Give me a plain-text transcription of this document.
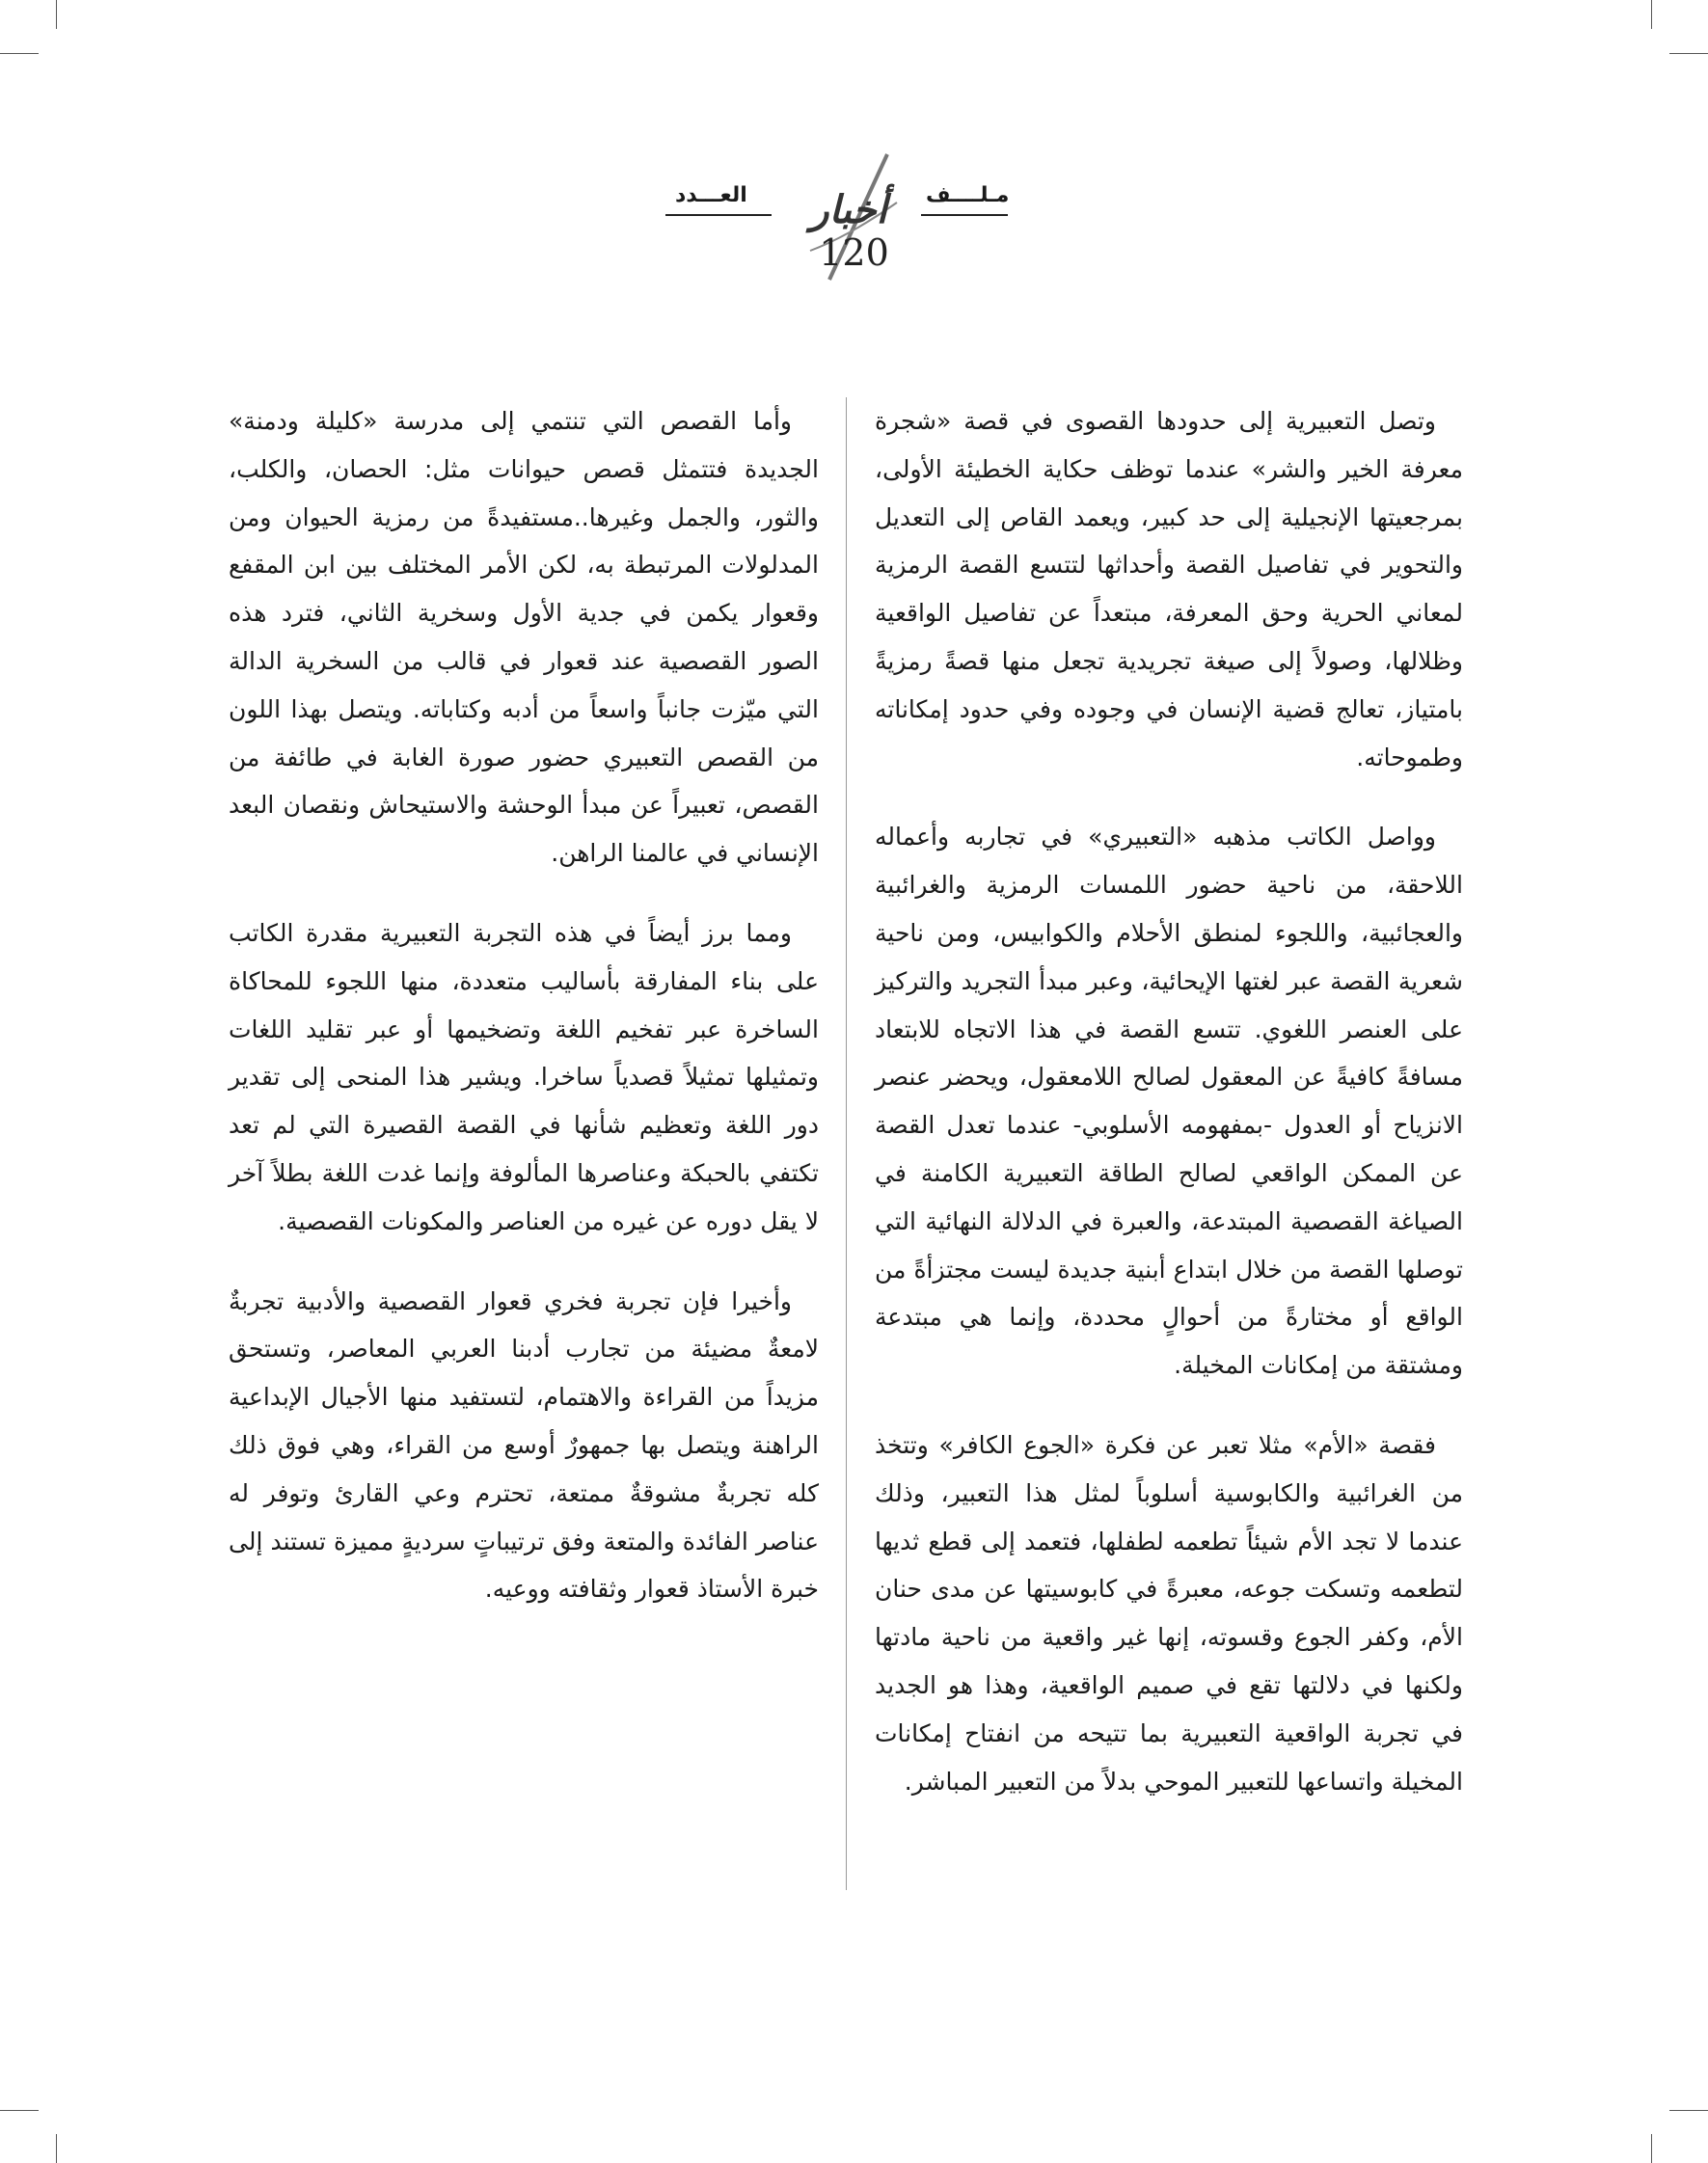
مـلــــف
العـــدد	أخبار
120

وتصل التعبيرية إلى حدودها القصوى في قصة «شجرة معرفة الخير والشر» عندما توظف حكاية الخطيئة الأولى، بمرجعيتها الإنجيلية إلى حد كبير، ويعمد القاص إلى التعديل والتحوير في تفاصيل القصة وأحداثها لتتسع القصة الرمزية لمعاني الحرية وحق المعرفة، مبتعداً عن تفاصيل الواقعية وظلالها، وصولاً إلى صيغة تجريدية تجعل منها قصةً رمزيةً بامتياز، تعالج قضية الإنسان في وجوده وفي حدود إمكاناته وطموحاته.

وواصل الكاتب مذهبه «التعبيري» في تجاربه وأعماله اللاحقة، من ناحية حضور اللمسات الرمزية والغرائبية والعجائبية، واللجوء لمنطق الأحلام والكوابيس، ومن ناحية شعرية القصة عبر لغتها الإيحائية، وعبر مبدأ التجريد والتركيز على العنصر اللغوي. تتسع القصة في هذا الاتجاه للابتعاد مسافةً كافيةً عن المعقول لصالح اللامعقول، ويحضر عنصر الانزياح أو العدول -بمفهومه الأسلوبي- عندما تعدل القصة عن الممكن الواقعي لصالح الطاقة التعبيرية الكامنة في الصياغة القصصية المبتدعة، والعبرة في الدلالة النهائية التي توصلها القصة من خلال ابتداع أبنية جديدة ليست مجتزأةً من الواقع أو مختارةً من أحوالٍ محددة، وإنما هي مبتدعة ومشتقة من إمكانات المخيلة.

فقصة «الأم» مثلا تعبر عن فكرة «الجوع الكافر» وتتخذ من الغرائبية والكابوسية أسلوباً لمثل هذا التعبير، وذلك عندما لا تجد الأم شيئاً تطعمه لطفلها، فتعمد إلى قطع ثديها لتطعمه وتسكت جوعه، معبرةً في كابوسيتها عن مدى حنان الأم، وكفر الجوع وقسوته، إنها غير واقعية من ناحية مادتها ولكنها في دلالتها تقع في صميم الواقعية، وهذا هو الجديد في تجربة الواقعية التعبيرية بما تتيحه من انفتاح إمكانات المخيلة واتساعها للتعبير الموحي بدلاً من التعبير المباشر.

وأما القصص التي تنتمي إلى مدرسة «كليلة ودمنة» الجديدة فتتمثل قصص حيوانات مثل: الحصان، والكلب، والثور، والجمل وغيرها..مستفيدةً من رمزية الحيوان ومن المدلولات المرتبطة به، لكن الأمر المختلف بين ابن المقفع وقعوار يكمن في جدية الأول وسخرية الثاني، فترد هذه الصور القصصية عند قعوار في قالب من السخرية الدالة التي ميّزت جانباً واسعاً من أدبه وكتاباته. ويتصل بهذا اللون من القصص التعبيري حضور صورة الغابة في طائفة من القصص، تعبيراً عن مبدأ الوحشة والاستيحاش ونقصان البعد الإنساني في عالمنا الراهن.

ومما برز أيضاً في هذه التجربة التعبيرية مقدرة الكاتب على بناء المفارقة بأساليب متعددة، منها اللجوء للمحاكاة الساخرة عبر تفخيم اللغة وتضخيمها أو عبر تقليد اللغات وتمثيلها تمثيلاً قصدياً ساخرا. ويشير هذا المنحى إلى تقدير دور اللغة وتعظيم شأنها في القصة القصيرة التي لم تعد تكتفي بالحبكة وعناصرها المألوفة وإنما غدت اللغة بطلاً آخر لا يقل دوره عن غيره من العناصر والمكونات القصصية.

وأخيرا فإن تجربة فخري قعوار القصصية والأدبية تجربةٌ لامعةٌ مضيئة من تجارب أدبنا العربي المعاصر، وتستحق مزيداً من القراءة والاهتمام، لتستفيد منها الأجيال الإبداعية الراهنة ويتصل بها جمهورٌ أوسع من القراء، وهي فوق ذلك كله تجربةٌ مشوقةٌ ممتعة، تحترم وعي القارئ وتوفر له عناصر الفائدة والمتعة وفق ترتيباتٍ سرديةٍ مميزة تستند إلى خبرة الأستاذ قعوار وثقافته ووعيه.
